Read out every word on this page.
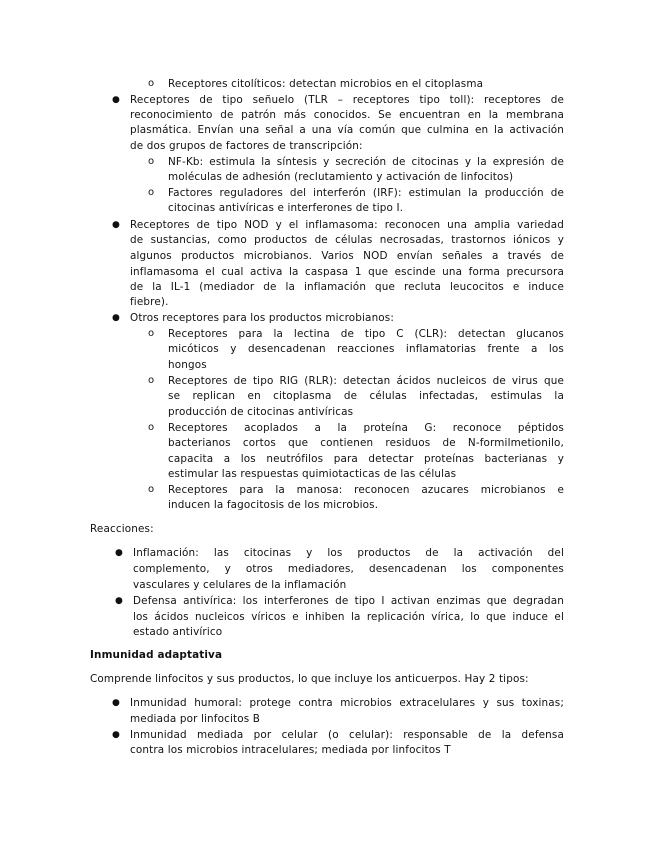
o Receptores citolíticos: detectan microbios en el citoplasma
● Receptores de tipo señuelo (TLR – receptores tipo toll): receptores de
reconocimiento de patrón más conocidos. Se encuentran en la membrana
plasmática. Envían una señal a una vía común que culmina en la activación
de dos grupos de factores de transcripción:
o NF-Kb: estimula la síntesis y secreción de citocinas y la expresión de
moléculas de adhesión (reclutamiento y activación de linfocitos)
o Factores reguladores del interferón (IRF): estimulan la producción de
citocinas antivíricas e interferones de tipo I.
● Receptores de tipo NOD y el inflamasoma: reconocen una amplia variedad
de sustancias, como productos de células necrosadas, trastornos iónicos y
algunos productos microbianos. Varios NOD envían señales a través de
inflamasoma el cual activa la caspasa 1 que escinde una forma precursora
de la IL-1 (mediador de la inflamación que recluta leucocitos e induce
fiebre).
● Otros receptores para los productos microbianos:
o Receptores para la lectina de tipo C (CLR): detectan glucanos
micóticos y desencadenan reacciones inflamatorias frente a los
hongos
o Receptores de tipo RIG (RLR): detectan ácidos nucleicos de virus que
se replican en citoplasma de células infectadas, estimulas la
producción de citocinas antivíricas
o Receptores acoplados a la proteína G: reconoce péptidos
bacterianos cortos que contienen residuos de N-formilmetionilo,
capacita a los neutrófilos para detectar proteínas bacterianas y
estimular las respuestas quimiotacticas de las células
o Receptores para la manosa: reconocen azucares microbianos e
inducen la fagocitosis de los microbios.
Reacciones:
● Inflamación: las citocinas y los productos de la activación del
complemento, y otros mediadores, desencadenan los componentes
vasculares y celulares de la inflamación
● Defensa antivírica: los interferones de tipo I activan enzimas que degradan
los ácidos nucleicos víricos e inhiben la replicación vírica, lo que induce el
estado antivírico
Inmunidad adaptativa
Comprende linfocitos y sus productos, lo que incluye los anticuerpos. Hay 2 tipos:
● Inmunidad humoral: protege contra microbios extracelulares y sus toxinas;
mediada por linfocitos B
● Inmunidad mediada por celular (o celular): responsable de la defensa
contra los microbios intracelulares; mediada por linfocitos T
